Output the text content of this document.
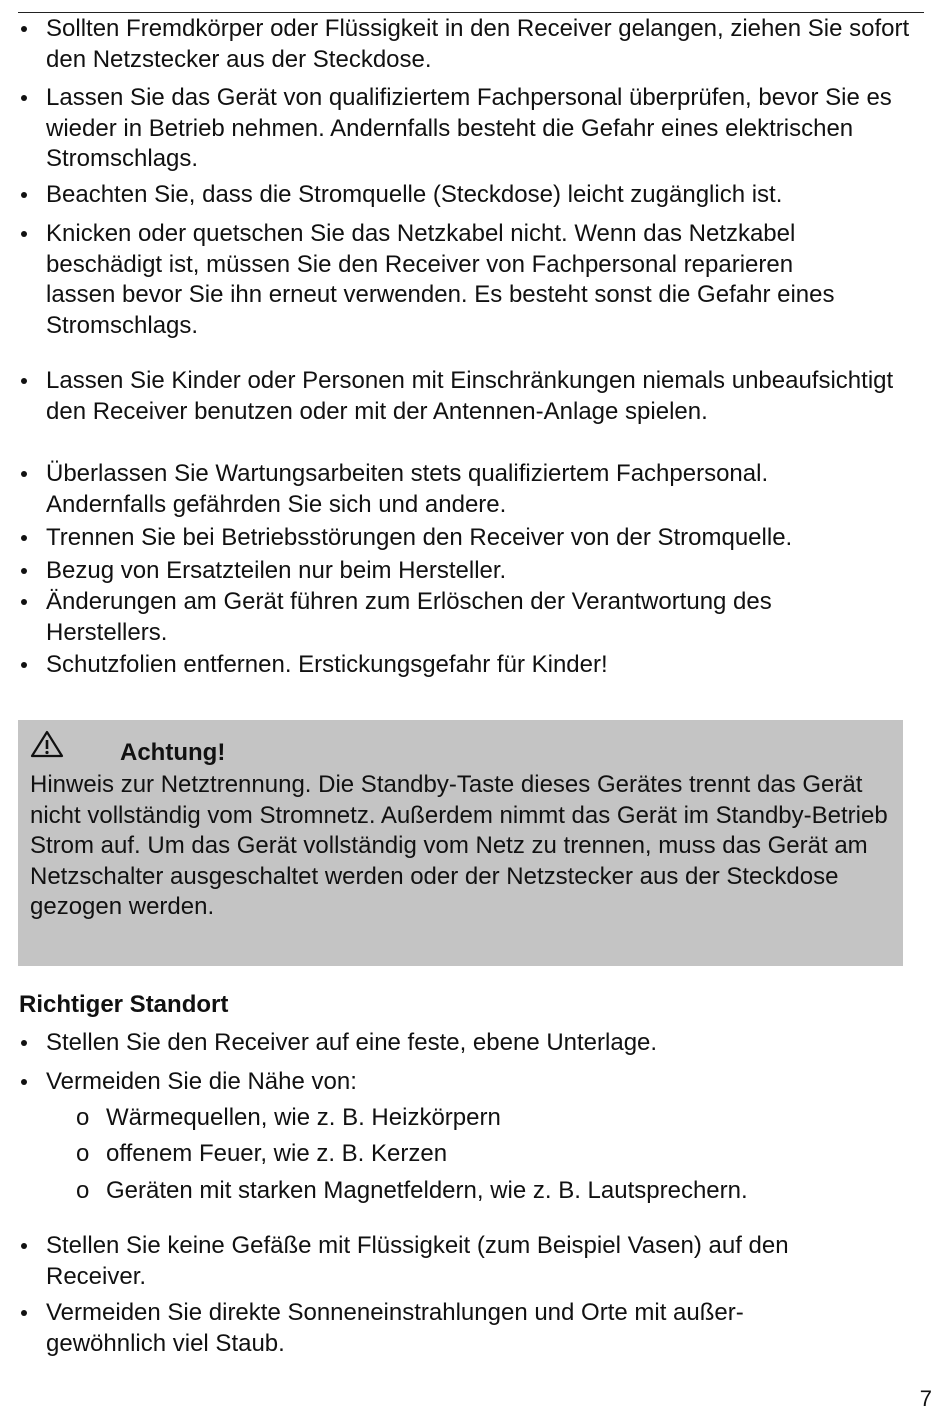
Sollten Fremdkörper oder Flüssigkeit in den Receiver gelangen, ziehen Sie sofort den Netzstecker aus der Steckdose.

Lassen Sie das Gerät von qualifiziertem Fachpersonal überprüfen, bevor Sie es wieder in Betrieb nehmen. Andernfalls besteht die Gefahr eines elektrischen Stromschlags.

Beachten Sie, dass die Stromquelle (Steckdose) leicht zugänglich ist.

Knicken oder quetschen Sie das Netzkabel nicht. Wenn das Netzkabel beschädigt ist, müssen Sie den Receiver von Fachpersonal reparieren lassen bevor Sie ihn erneut verwenden. Es besteht sonst die Gefahr eines Stromschlags.

Lassen Sie Kinder oder Personen mit Einschränkungen niemals unbeaufsichtigt den Receiver benutzen oder mit der Antennen-Anlage spielen.

Überlassen Sie Wartungsarbeiten stets qualifiziertem Fachpersonal. Andernfalls gefährden Sie sich und andere.

Trennen Sie bei Betriebsstörungen den Receiver von der Stromquelle.

Bezug von Ersatzteilen nur beim Hersteller.

Änderungen am Gerät führen zum Erlöschen der Verantwortung des Herstellers.

Schutzfolien entfernen. Erstickungsgefahr für Kinder!

Achtung!
Hinweis zur Netztrennung. Die Standby-Taste dieses Gerätes trennt das Gerät nicht vollständig vom Stromnetz. Außerdem nimmt das Gerät im Standby-Betrieb Strom auf. Um das Gerät vollständig vom Netz zu trennen, muss das Gerät am Netzschalter ausgeschaltet werden oder der Netzstecker aus der Steckdose gezogen werden.
Richtiger Standort

Stellen Sie den Receiver auf eine feste, ebene Unterlage.

Vermeiden Sie die Nähe von:

o Wärmequellen, wie z. B. Heizkörpern
o offenem Feuer, wie z. B. Kerzen
o Geräten mit starken Magnetfeldern, wie z. B. Lautsprechern.

Stellen Sie keine Gefäße mit Flüssigkeit (zum Beispiel Vasen) auf den Receiver.

Vermeiden Sie direkte Sonneneinstrahlungen und Orte mit außer-gewöhnlich viel Staub.

7
